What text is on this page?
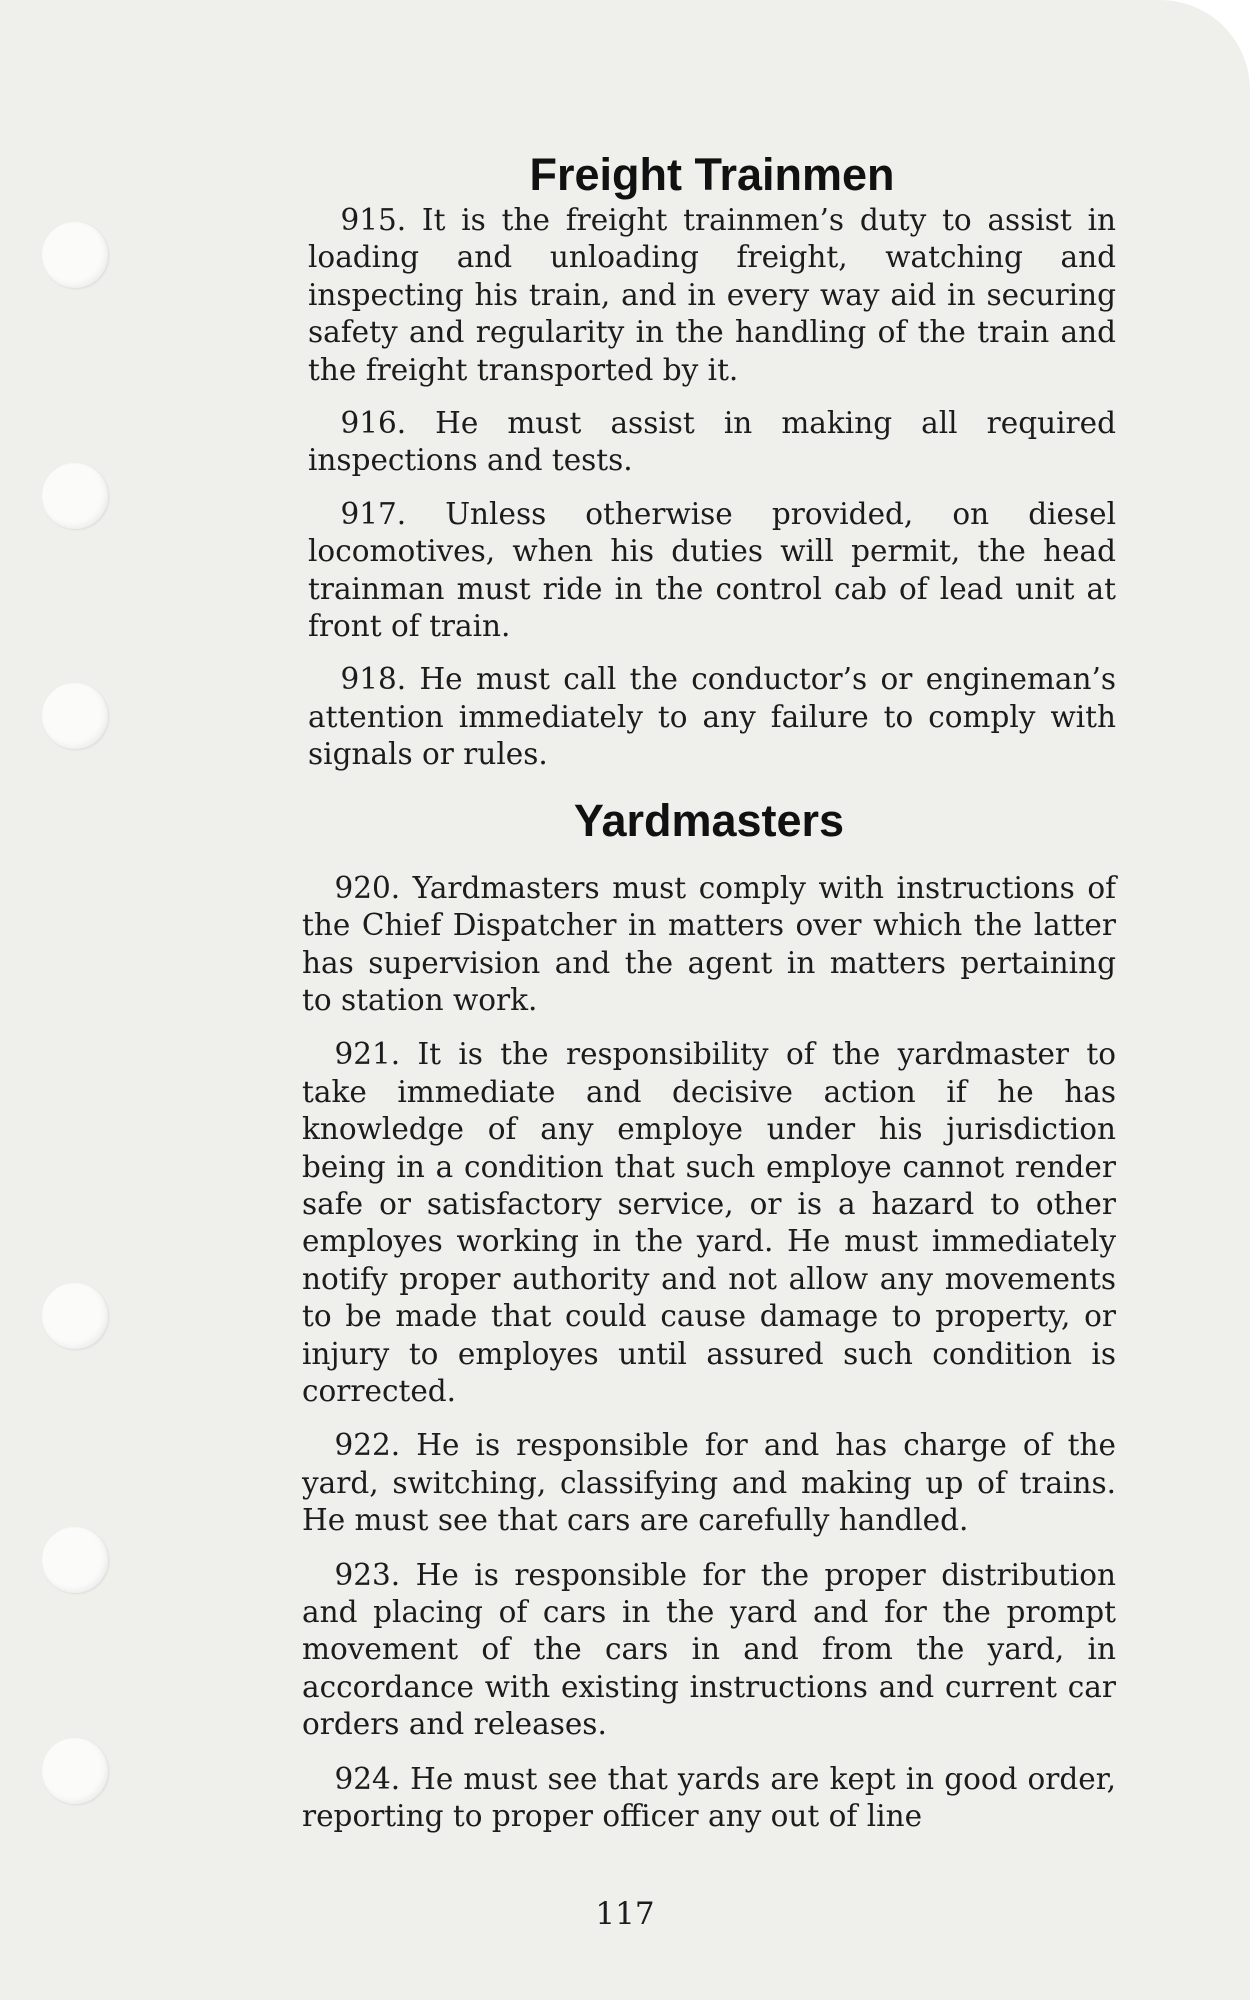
Freight Trainmen

915. It is the freight trainmen’s duty to assist in loading and unloading freight, watching and inspecting his train, and in every way aid in securing safety and regularity in the handling of the train and the freight transported by it.

916. He must assist in making all required inspections and tests.

917. Unless otherwise provided, on diesel locomotives, when his duties will permit, the head trainman must ride in the control cab of lead unit at front of train.

918. He must call the conductor’s or engineman’s attention immediately to any failure to comply with signals or rules.

Yardmasters

920. Yardmasters must comply with instructions of the Chief Dispatcher in matters over which the latter has supervision and the agent in matters pertaining to station work.

921. It is the responsibility of the yardmaster to take immediate and decisive action if he has knowledge of any employe under his jurisdiction being in a condition that such employe cannot render safe or satisfactory service, or is a hazard to other employes working in the yard. He must immediately notify proper authority and not allow any movements to be made that could cause damage to property, or injury to employes until assured such condition is corrected.

922. He is responsible for and has charge of the yard, switching, classifying and making up of trains. He must see that cars are carefully handled.

923. He is responsible for the proper distribution and placing of cars in the yard and for the prompt movement of the cars in and from the yard, in accordance with existing instructions and current car orders and releases.

924. He must see that yards are kept in good order, reporting to proper officer any out of line

117
